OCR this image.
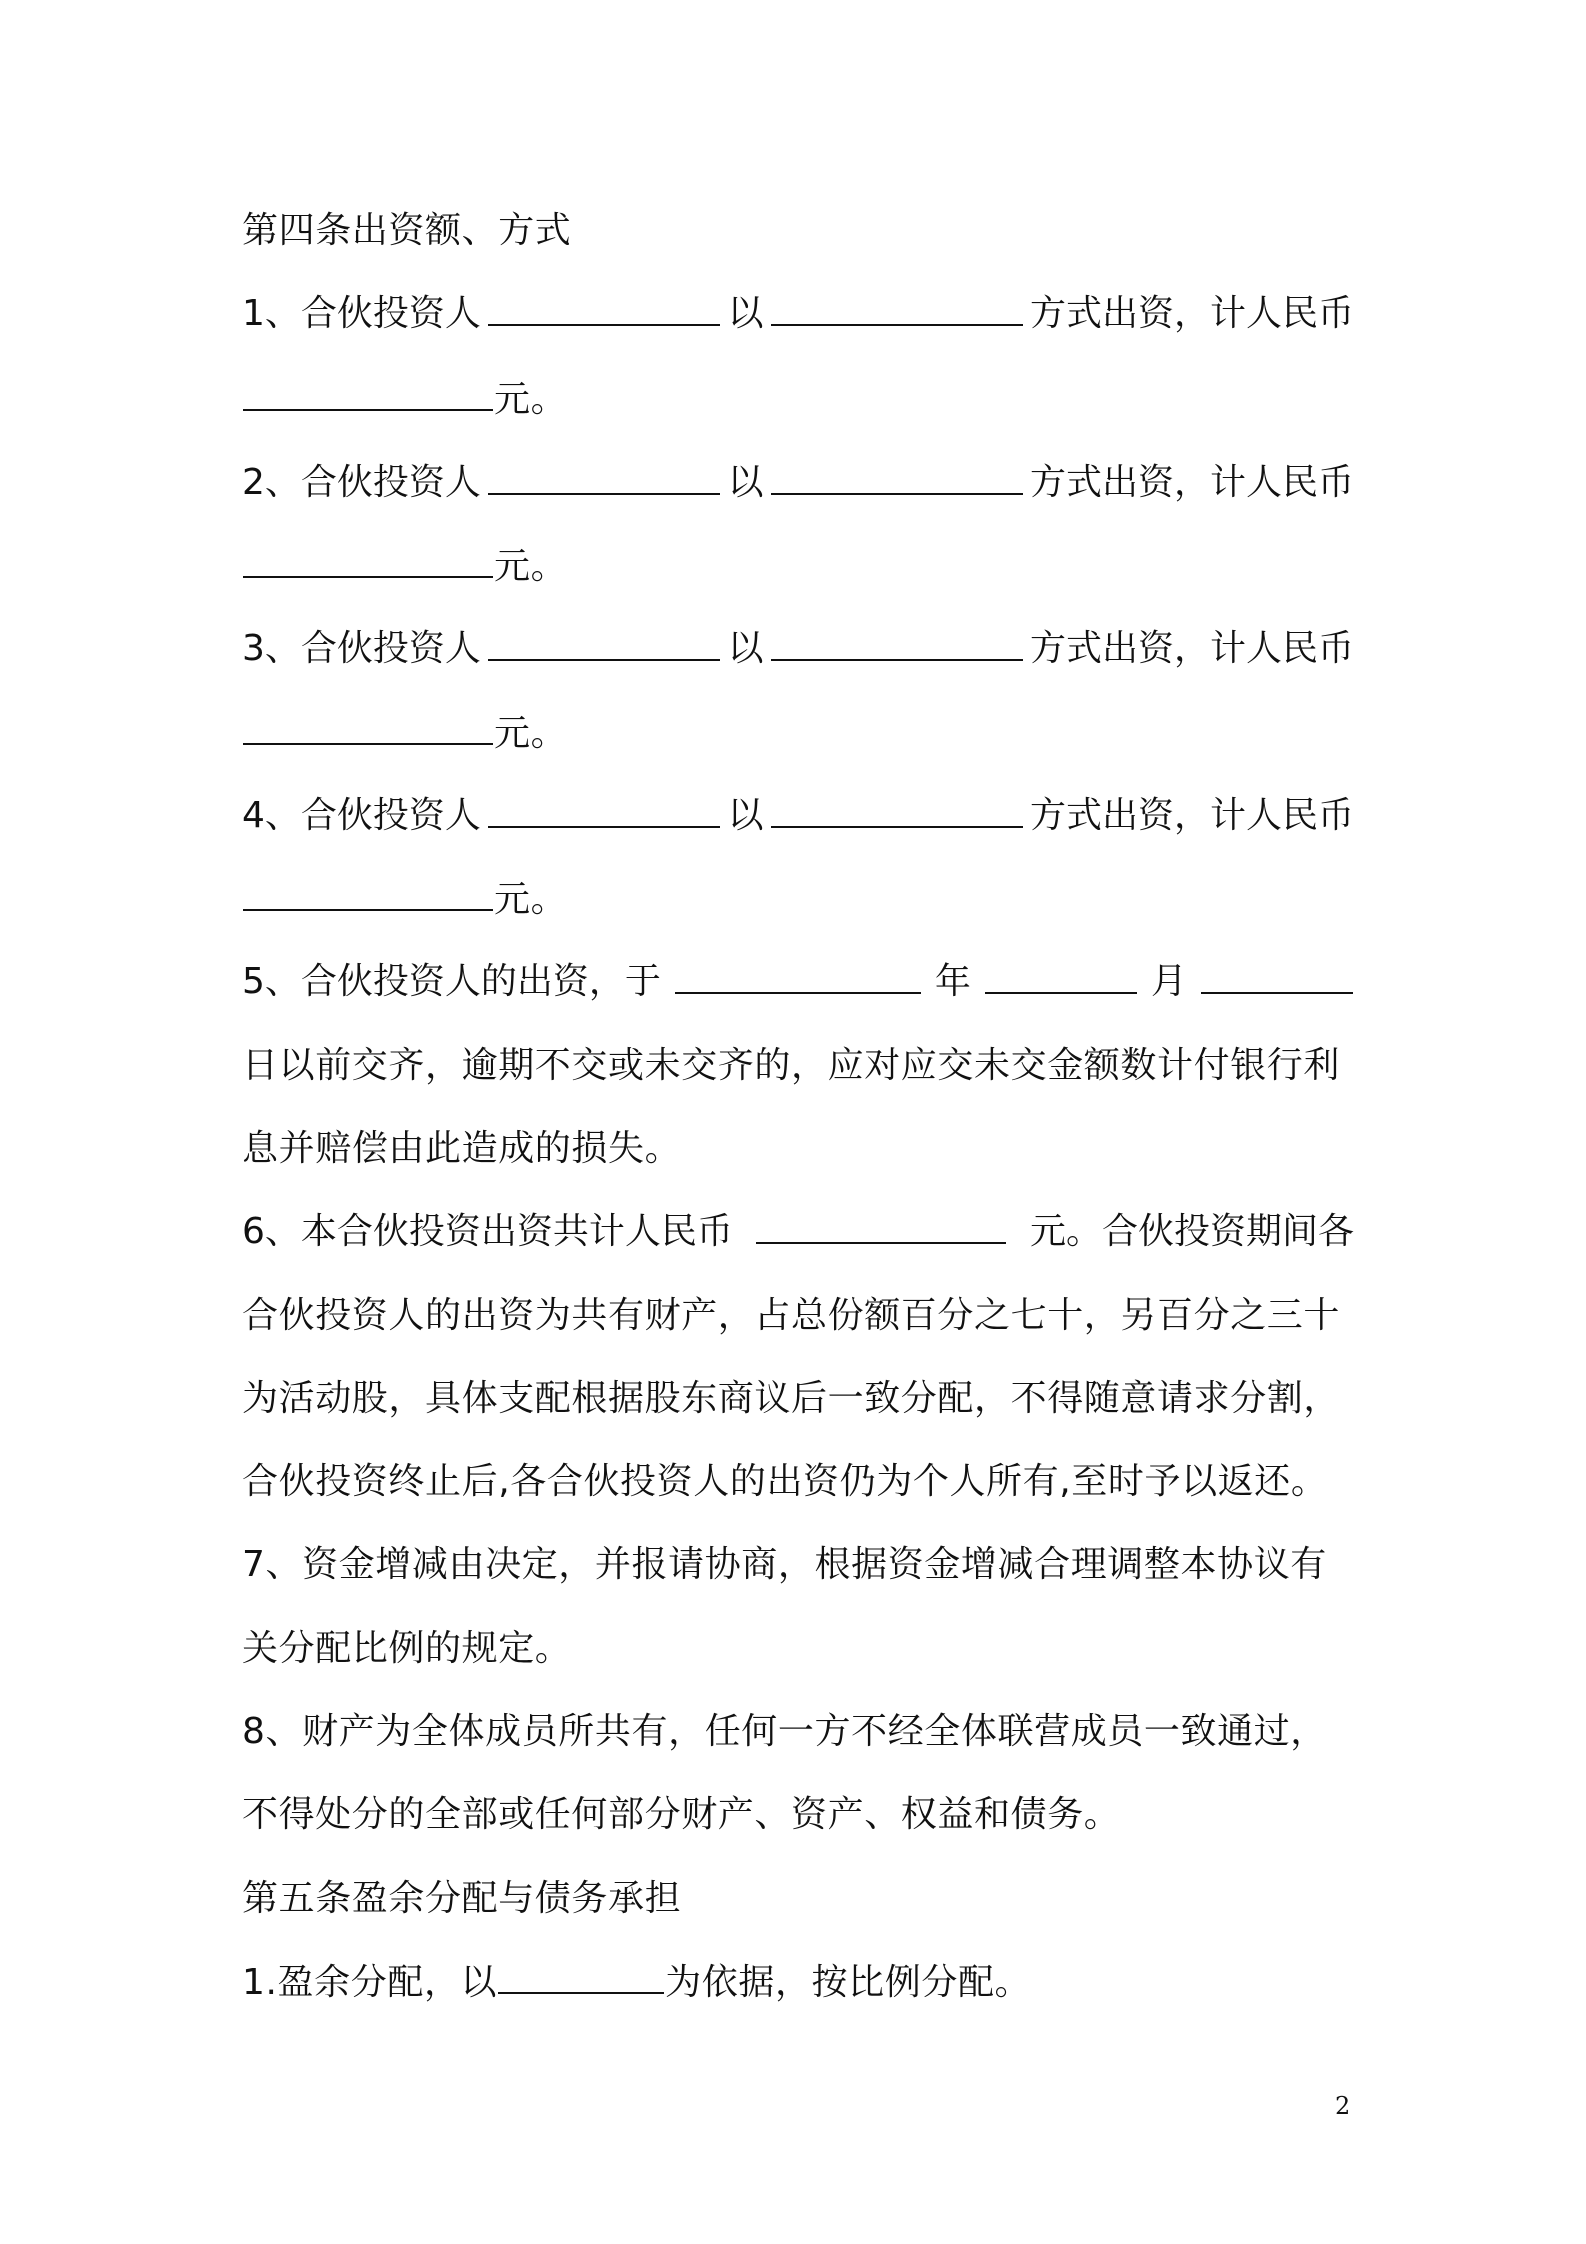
第四条出资额、方式
1、合伙投资人	以	方式出资，计人民币
元。
2、合伙投资人	以	方式出资，计人民币
元。
3、合伙投资人	以	方式出资，计人民币
元。
4、合伙投资人	以	方式出资，计人民币
元。
5、合伙投资人的出资，于	年	月
日以前交齐，逾期不交或未交齐的，应对应交未交金额数计付银行利
息并赔偿由此造成的损失。
6、本合伙投资出资共计人民币	元。合伙投资期间各
合伙投资人的出资为共有财产，占总份额百分之七十，另百分之三十
为活动股，具体支配根据股东商议后一致分配，不得随意请求分割，
合伙投资终止后,各合伙投资人的出资仍为个人所有,至时予以返还。
7、资金增减由决定，并报请协商，根据资金增减合理调整本协议有
关分配比例的规定。
8、财产为全体成员所共有，任何一方不经全体联营成员一致通过，
不得处分的全部或任何部分财产、资产、权益和债务。
第五条盈余分配与债务承担
1.盈余分配，以	为依据，按比例分配。
2
